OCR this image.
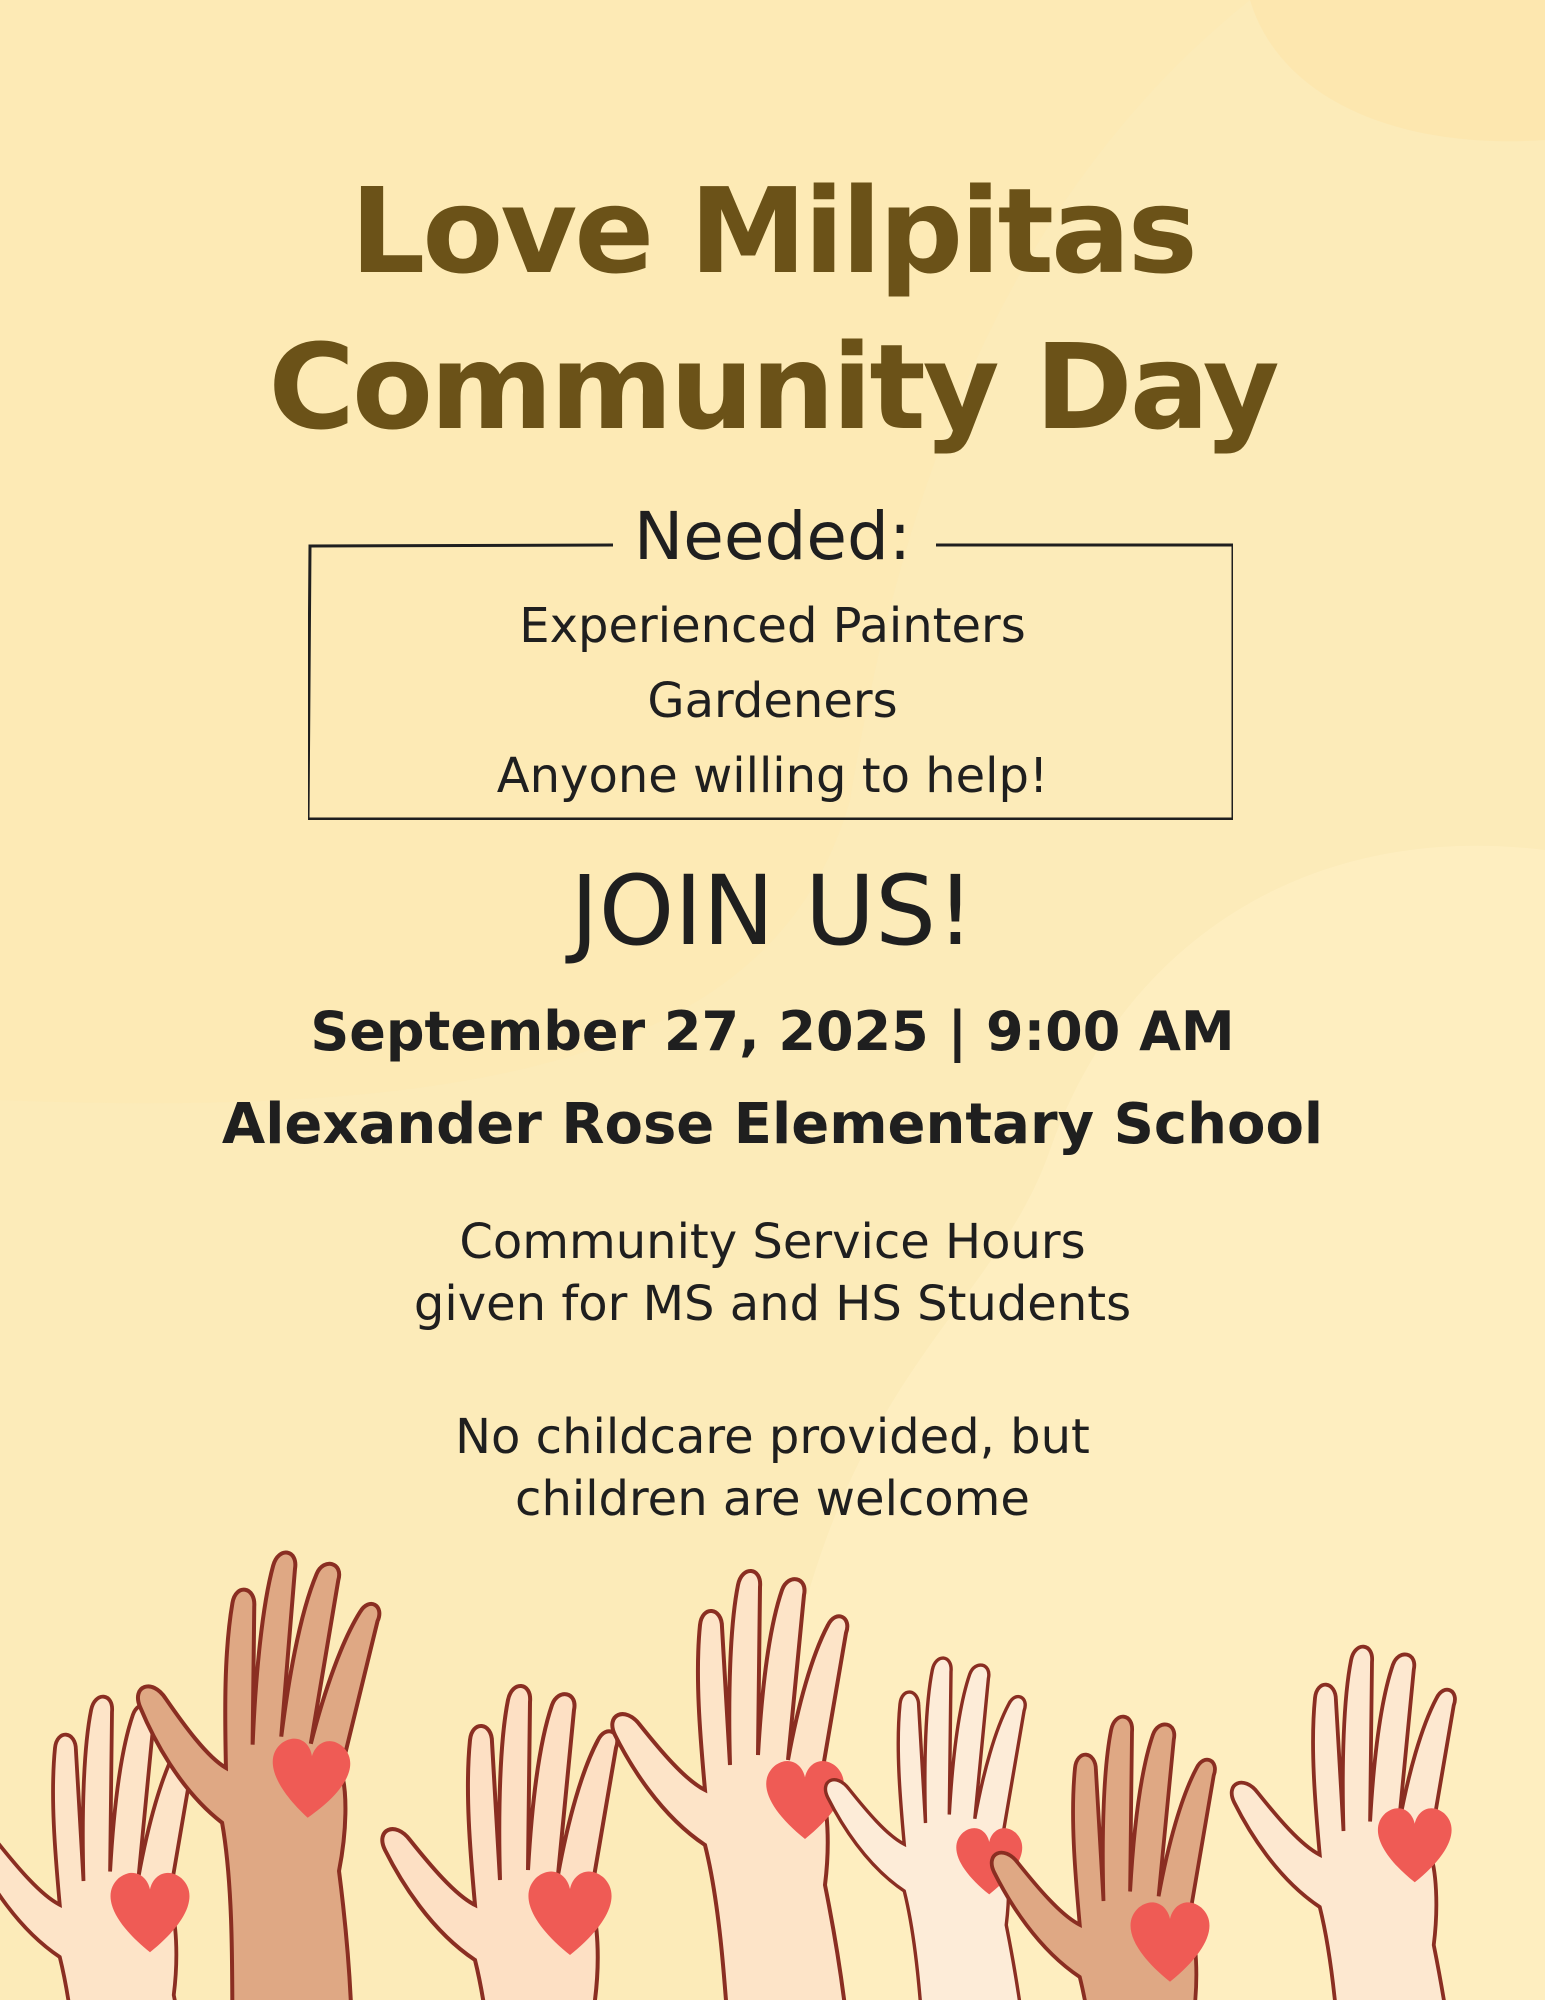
Love Milpitas
Community Day
Needed:
Experienced Painters
Gardeners
Anyone willing to help!
JOIN US!
September 27, 2025 | 9:00 AM
Alexander Rose Elementary School
Community Service Hours
given for MS and HS Students
No childcare provided, but
children are welcome
